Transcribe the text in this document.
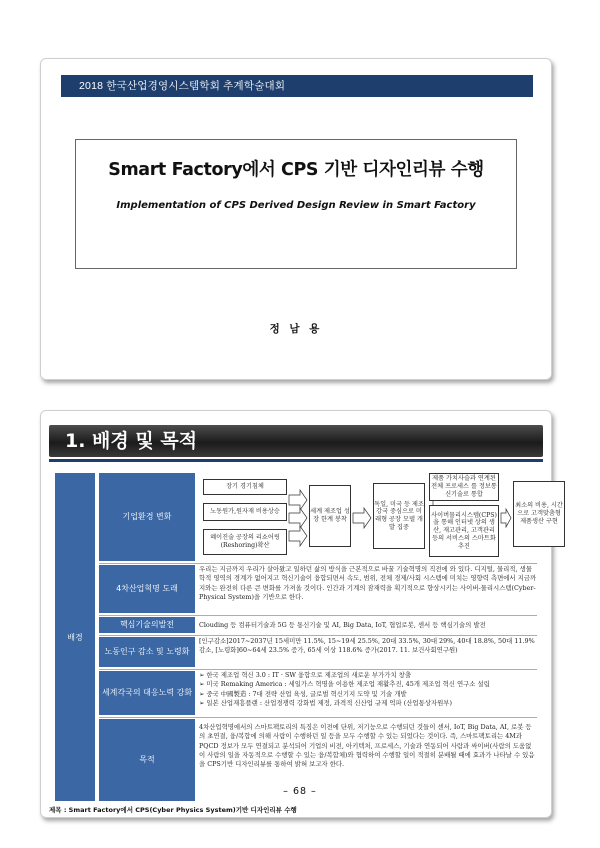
2018 한국산업경영시스템학회 추계학술대회
Smart Factory에서 CPS 기반 디자인리뷰 수행
Implementation of CPS Derived Design Review in Smart Factory
정 남 용
1. 배경 및 목적
배경
기업환경 변화
장기 경기침체
노동원가,원자재 비용상승
혜이진술 공장의 리쇼어링(Reshoring)확산
세계 제조업 성장 한계 봉착
독일, 미국 등 제조강국 중심으로 미래형 공장 모델 개발 집중
제품 가치사슬과 연계된 전체 프로세스 를 정보통신기술로 통합
사이버물리시스템(CPS)을 통해 인터넷 상의 생산, 재고관리, 고객관리 등의 서비스의 스마트화 추진
최소의 비용, 시간으로 고객맞춤형 제품생산 구현
4차산업혁명 도래
우리는 지금까지 우리가 살아왔고 일하던 삶의 방식을 근본적으로 바꿀 기술혁명의 직전에 와 있다. 디지털, 물리적, 생물학적 영역의 경계가 없어지고 혁신기술이 융합되면서 속도, 범위, 전체 경제/사회 시스템에 미치는 영향력 측면에서 지금까지와는 완전히 다른 큰 변화를 가져올 것이다. 인간과 기계의 잠재력을 획기적으로 향상시키는 사이버-물리시스템(Cyber-Physical System)을 기반으로 한다.
핵심기술의발전	Clouding 등 컴퓨터기술과 5G 등 통신기술 및 AI, Big Data, IoT, 협업로봇, 센서 등 핵심기술의 발전
노동인구 감소 및 노령화
[인구감소]2017~2037년 15세미만 11.5%, 15~19세 25.5%, 20대 33.5%, 30대 29%, 40대 18.8%, 50대 11.9%감소, [노령화]60~64세 23.5% 증가, 65세 이상 118.6% 증가(2017. 11. 보건사회연구원)
세계각국의 대응노력 강화
➢ 한국 제조업 혁신 3.0 : IT · SW 융합으로 제조업의 새로운 부가가치 창출
➢ 미국 Remaking America : 세일가스 혁명을 이용한 제조업 재활추진, 45개 제조업 혁신 연구소 설립
➢ 중국 中國製造 : 7대 전략 산업 육성, 글로벌 혁신기지 도약 및 기술 개발
➢ 일본 산업재흥플랜 : 산업경쟁력 강화법 제정, 과격적 신산업 규제 억파 (산업통상자원부)
목적
4차산업혁명에서의 스마트팩토리의 특징은 이전에 단위, 저기능으로 수행되던 것들이 센서, IoT, Big Data, AI, 로봇 등의 초연결, 융/복합에 의해 사람이 수행하던 일 등을 모두 수행할 수 있는 되었다는 것이다. 즉, 스마트팩토리는 4M과 PQCD 정보가 모두 연결되고 분석되어 기업의 비전, 아키텍처, 프로세스, 기술과 연동되어 사람과 싸이버(사람의 도움없이 사람의 일을 자동적으로 수행할 수 있는 융/복합체)와 협력하여 수행할 일이 적절히 분배될 때에 효과가 나타날 수 있음을 CPS기반 디자인리뷰를 통하여 밝혀 보고자 한다.
제목 : Smart Factory에서 CPS(Cyber Physics System)기반 디자인리뷰 수행
– 68 –
